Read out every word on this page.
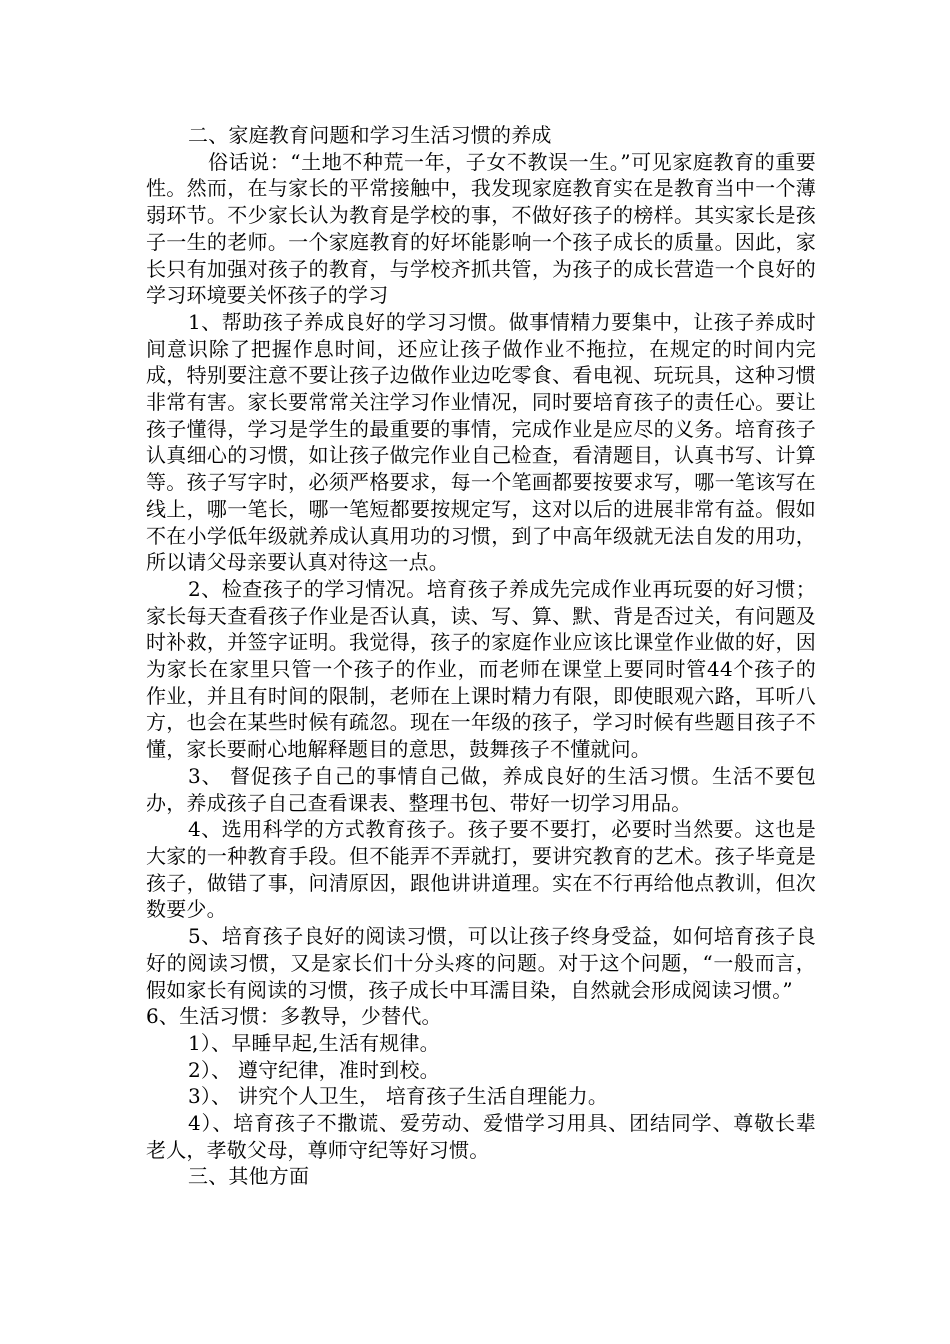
二、家庭教育问题和学习生活习惯的养成

俗话说：“土地不种荒一年，子女不教误一生。”可见家庭教育的重要性。然而，在与家长的平常接触中，我发现家庭教育实在是教育当中一个薄弱环节。不少家长认为教育是学校的事，不做好孩子的榜样。其实家长是孩子一生的老师。一个家庭教育的好坏能影响一个孩子成长的质量。因此，家长只有加强对孩子的教育，与学校齐抓共管，为孩子的成长营造一个良好的学习环境要关怀孩子的学习

1、帮助孩子养成良好的学习习惯。做事情精力要集中，让孩子养成时间意识除了把握作息时间，还应让孩子做作业不拖拉，在规定的时间内完成，特别要注意不要让孩子边做作业边吃零食、看电视、玩玩具，这种习惯非常有害。家长要常常关注学习作业情况，同时要培育孩子的责任心。要让孩子懂得，学习是学生的最重要的事情，完成作业是应尽的义务。培育孩子认真细心的习惯，如让孩子做完作业自己检查，看清题目，认真书写、计算等。孩子写字时，必须严格要求，每一个笔画都要按要求写，哪一笔该写在线上，哪一笔长，哪一笔短都要按规定写，这对以后的进展非常有益。假如不在小学低年级就养成认真用功的习惯，到了中高年级就无法自发的用功，所以请父母亲要认真对待这一点。

2、检查孩子的学习情况。培育孩子养成先完成作业再玩耍的好习惯；家长每天查看孩子作业是否认真，读、写、算、默、背是否过关，有问题及时补救，并签字证明。我觉得，孩子的家庭作业应该比课堂作业做的好，因为家长在家里只管一个孩子的作业，而老师在课堂上要同时管44个孩子的作业，并且有时间的限制，老师在上课时精力有限，即使眼观六路，耳听八方，也会在某些时候有疏忽。现在一年级的孩子，学习时候有些题目孩子不懂，家长要耐心地解释题目的意思，鼓舞孩子不懂就问。

3、 督促孩子自己的事情自己做，养成良好的生活习惯。生活不要包办，养成孩子自己查看课表、整理书包、带好一切学习用品。

4、选用科学的方式教育孩子。孩子要不要打，必要时当然要。这也是大家的一种教育手段。但不能弄不弄就打，要讲究教育的艺术。孩子毕竟是孩子，做错了事，问清原因，跟他讲讲道理。实在不行再给他点教训，但次数要少。

5、培育孩子良好的阅读习惯，可以让孩子终身受益，如何培育孩子良好的阅读习惯，又是家长们十分头疼的问题。对于这个问题，“一般而言，假如家长有阅读的习惯，孩子成长中耳濡目染，自然就会形成阅读习惯。”

6、生活习惯：多教导，少替代。

1）、早睡早起,生活有规律。

2）、 遵守纪律，准时到校。

3）、 讲究个人卫生， 培育孩子生活自理能力。

4）、培育孩子不撒谎、爱劳动、爱惜学习用具、团结同学、尊敬长辈老人，孝敬父母，尊师守纪等好习惯。

三、其他方面
